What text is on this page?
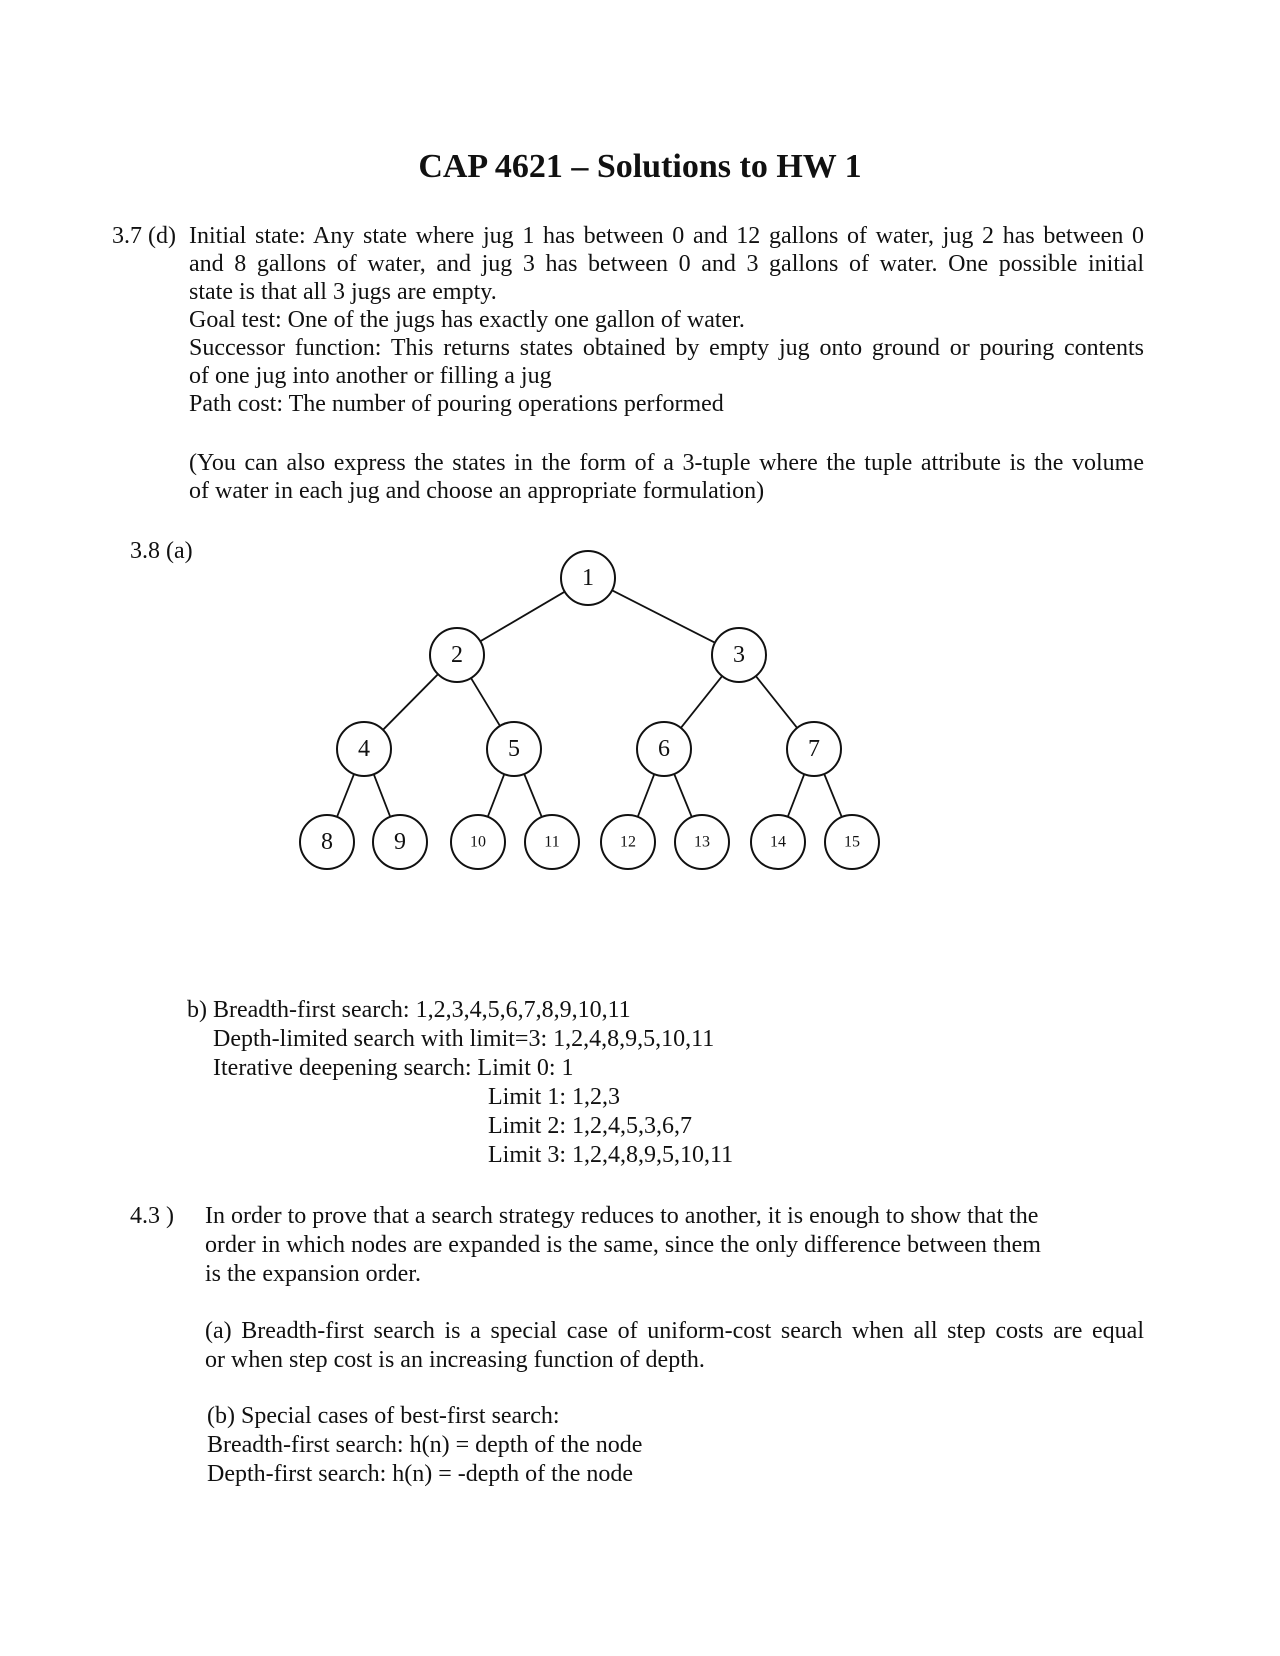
CAP 4621 – Solutions to HW 1
3.7 (d) Initial state: Any state where jug 1 has between 0 and 12 gallons of water, jug 2 has between 0
and 8 gallons of water, and jug 3 has between 0 and 3 gallons of water. One possible initial
state is that all 3 jugs are empty.
Goal test: One of the jugs has exactly one gallon of water.
Successor function: This returns states obtained by empty jug onto ground or pouring contents
of one jug into another or filling a jug
Path cost: The number of pouring operations performed
(You can also express the states in the form of a 3-tuple where the tuple attribute is the volume
of water in each jug and choose an appropriate formulation)
3.8 (a)
1
2	3
4	5	6	7
8	9	10	11	12	13	14	15
b) Breadth-first search: 1,2,3,4,5,6,7,8,9,10,11
Depth-limited search with limit=3: 1,2,4,8,9,5,10,11
Iterative deepening search: Limit 0: 1
Limit 1: 1,2,3
Limit 2: 1,2,4,5,3,6,7
Limit 3: 1,2,4,8,9,5,10,11
4.3 ) In order to prove that a search strategy reduces to another, it is enough to show that the
order in which nodes are expanded is the same, since the only difference between them
is the expansion order.
(a) Breadth-first search is a special case of uniform-cost search when all step costs are equal
or when step cost is an increasing function of depth.
(b) Special cases of best-first search:
Breadth-first search: h(n) = depth of the node
Depth-first search: h(n) = -depth of the node
